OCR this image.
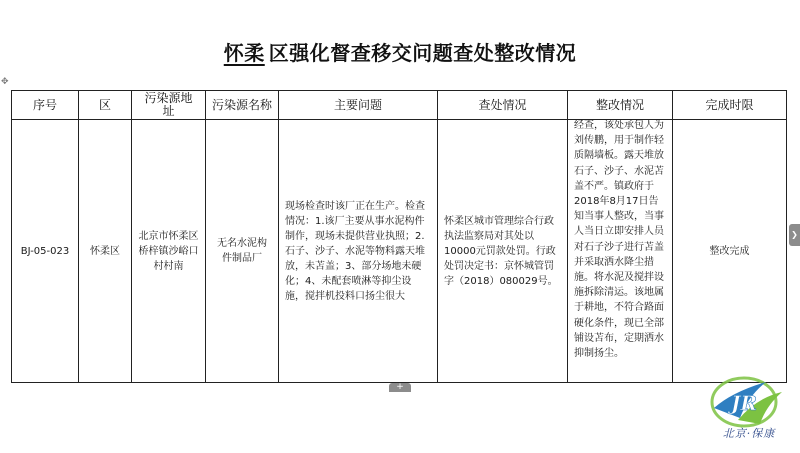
怀柔 区强化督查移交问题查处整改情况
✥
序号	区	污染源地址	污染源名称	主要问题	查处情况	整改情况	完成时限

BJ-05-023	怀柔区	北京市怀柔区桥梓镇沙峪口村村南	无名水泥构件制品厂	现场检查时该厂正在生产。检查情况：1.该厂主要从事水泥构件制作，现场未提供营业执照；2.石子、沙子、水泥等物料露天堆放，未苫盖；3、部分场地未硬化；4、未配套喷淋等抑尘设施，搅拌机投料口扬尘很大	怀柔区城市管理综合行政执法监察局对其处以10000元罚款处罚。行政处罚决定书：京怀城管罚字（2018）080029号。	经查，该处承包人为刘传鹏，用于制作轻质隔墙板。露天堆放石子、沙子、水泥苫盖不严。镇政府于2018年8月17日告知当事人整改，当事人当日立即安排人员对石子沙子进行苫盖并采取洒水降尘措施。将水泥及搅拌设施拆除清运。该地属于耕地，不符合路面硬化条件，现已全部铺设苫布，定期洒水抑制扬尘。	整改完成
❯
+
JR
北京·保康
